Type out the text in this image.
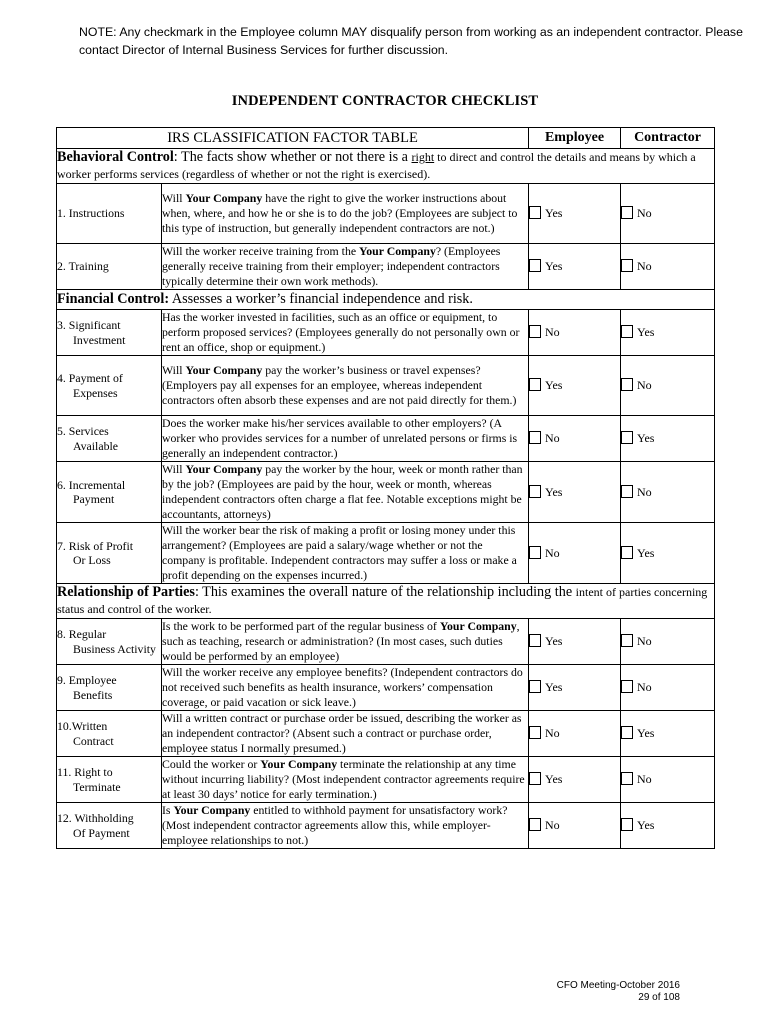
NOTE: Any checkmark in the Employee column MAY disqualify person from working as an independent contractor. Please contact Director of Internal Business Services for further discussion.
INDEPENDENT CONTRACTOR CHECKLIST
IRS CLASSIFICATION FACTOR TABLE		Employee	Contractor
Behavioral Control: The facts show whether or not there is a right to direct and control the details and means by which a worker performs services (regardless of whether or not the right is exercised).			
1. Instructions	Will Your Company have the right to give the worker instructions about when, where, and how he or she is to do the job? (Employees are subject to this type of instruction, but generally independent contractors are not.)	Yes	No
2. Training	Will the worker receive training from the Your Company? (Employees generally receive training from their employer; independent contractors typically determine their own work methods).	Yes	No
Financial Control: Assesses a worker’s financial independence and risk.			
3. Significant
Investment	Has the worker invested in facilities, such as an office or equipment, to perform proposed services? (Employees generally do not personally own or rent an office, shop or equipment.)	No	Yes
4. Payment of
Expenses	Will Your Company pay the worker’s business or travel expenses? (Employers pay all expenses for an employee, whereas independent contractors often absorb these expenses and are not paid directly for them.)	Yes	No
5. Services
Available	Does the worker make his/her services available to other employers? (A worker who provides services for a number of unrelated persons or firms is generally an independent contractor.)	No	Yes
6. Incremental
Payment	Will Your Company pay the worker by the hour, week or month rather than by the job? (Employees are paid by the hour, week or month, whereas independent contractors often charge a flat fee. Notable exceptions might be accountants, attorneys)	Yes	No
7. Risk of Profit
Or Loss	Will the worker bear the risk of making a profit or losing money under this arrangement? (Employees are paid a salary/wage whether or not the company is profitable. Independent contractors may suffer a loss or make a profit depending on the expenses incurred.)	No	Yes
Relationship of Parties: This examines the overall nature of the relationship including the intent of parties concerning status and control of the worker.			
8. Regular
Business Activity	Is the work to be performed part of the regular business of Your Company, such as teaching, research or administration? (In most cases, such duties would be performed by an employee)	Yes	No
9. Employee
Benefits	Will the worker receive any employee benefits? (Independent contractors do not received such benefits as health insurance, workers’ compensation coverage, or paid vacation or sick leave.)	Yes	No
10.Written
Contract	Will a written contract or purchase order be issued, describing the worker as an independent contractor? (Absent such a contract or purchase order, employee status I normally presumed.)	No	Yes
11. Right to
Terminate	Could the worker or Your Company terminate the relationship at any time without incurring liability? (Most independent contractor agreements require at least 30 days’ notice for early termination.)	Yes	No
12. Withholding
Of Payment	Is Your Company entitled to withhold payment for unsatisfactory work? (Most independent contractor agreements allow this, while employer-employee relationships to not.)	No	Yes
CFO Meeting-October 2016
29 of 108
